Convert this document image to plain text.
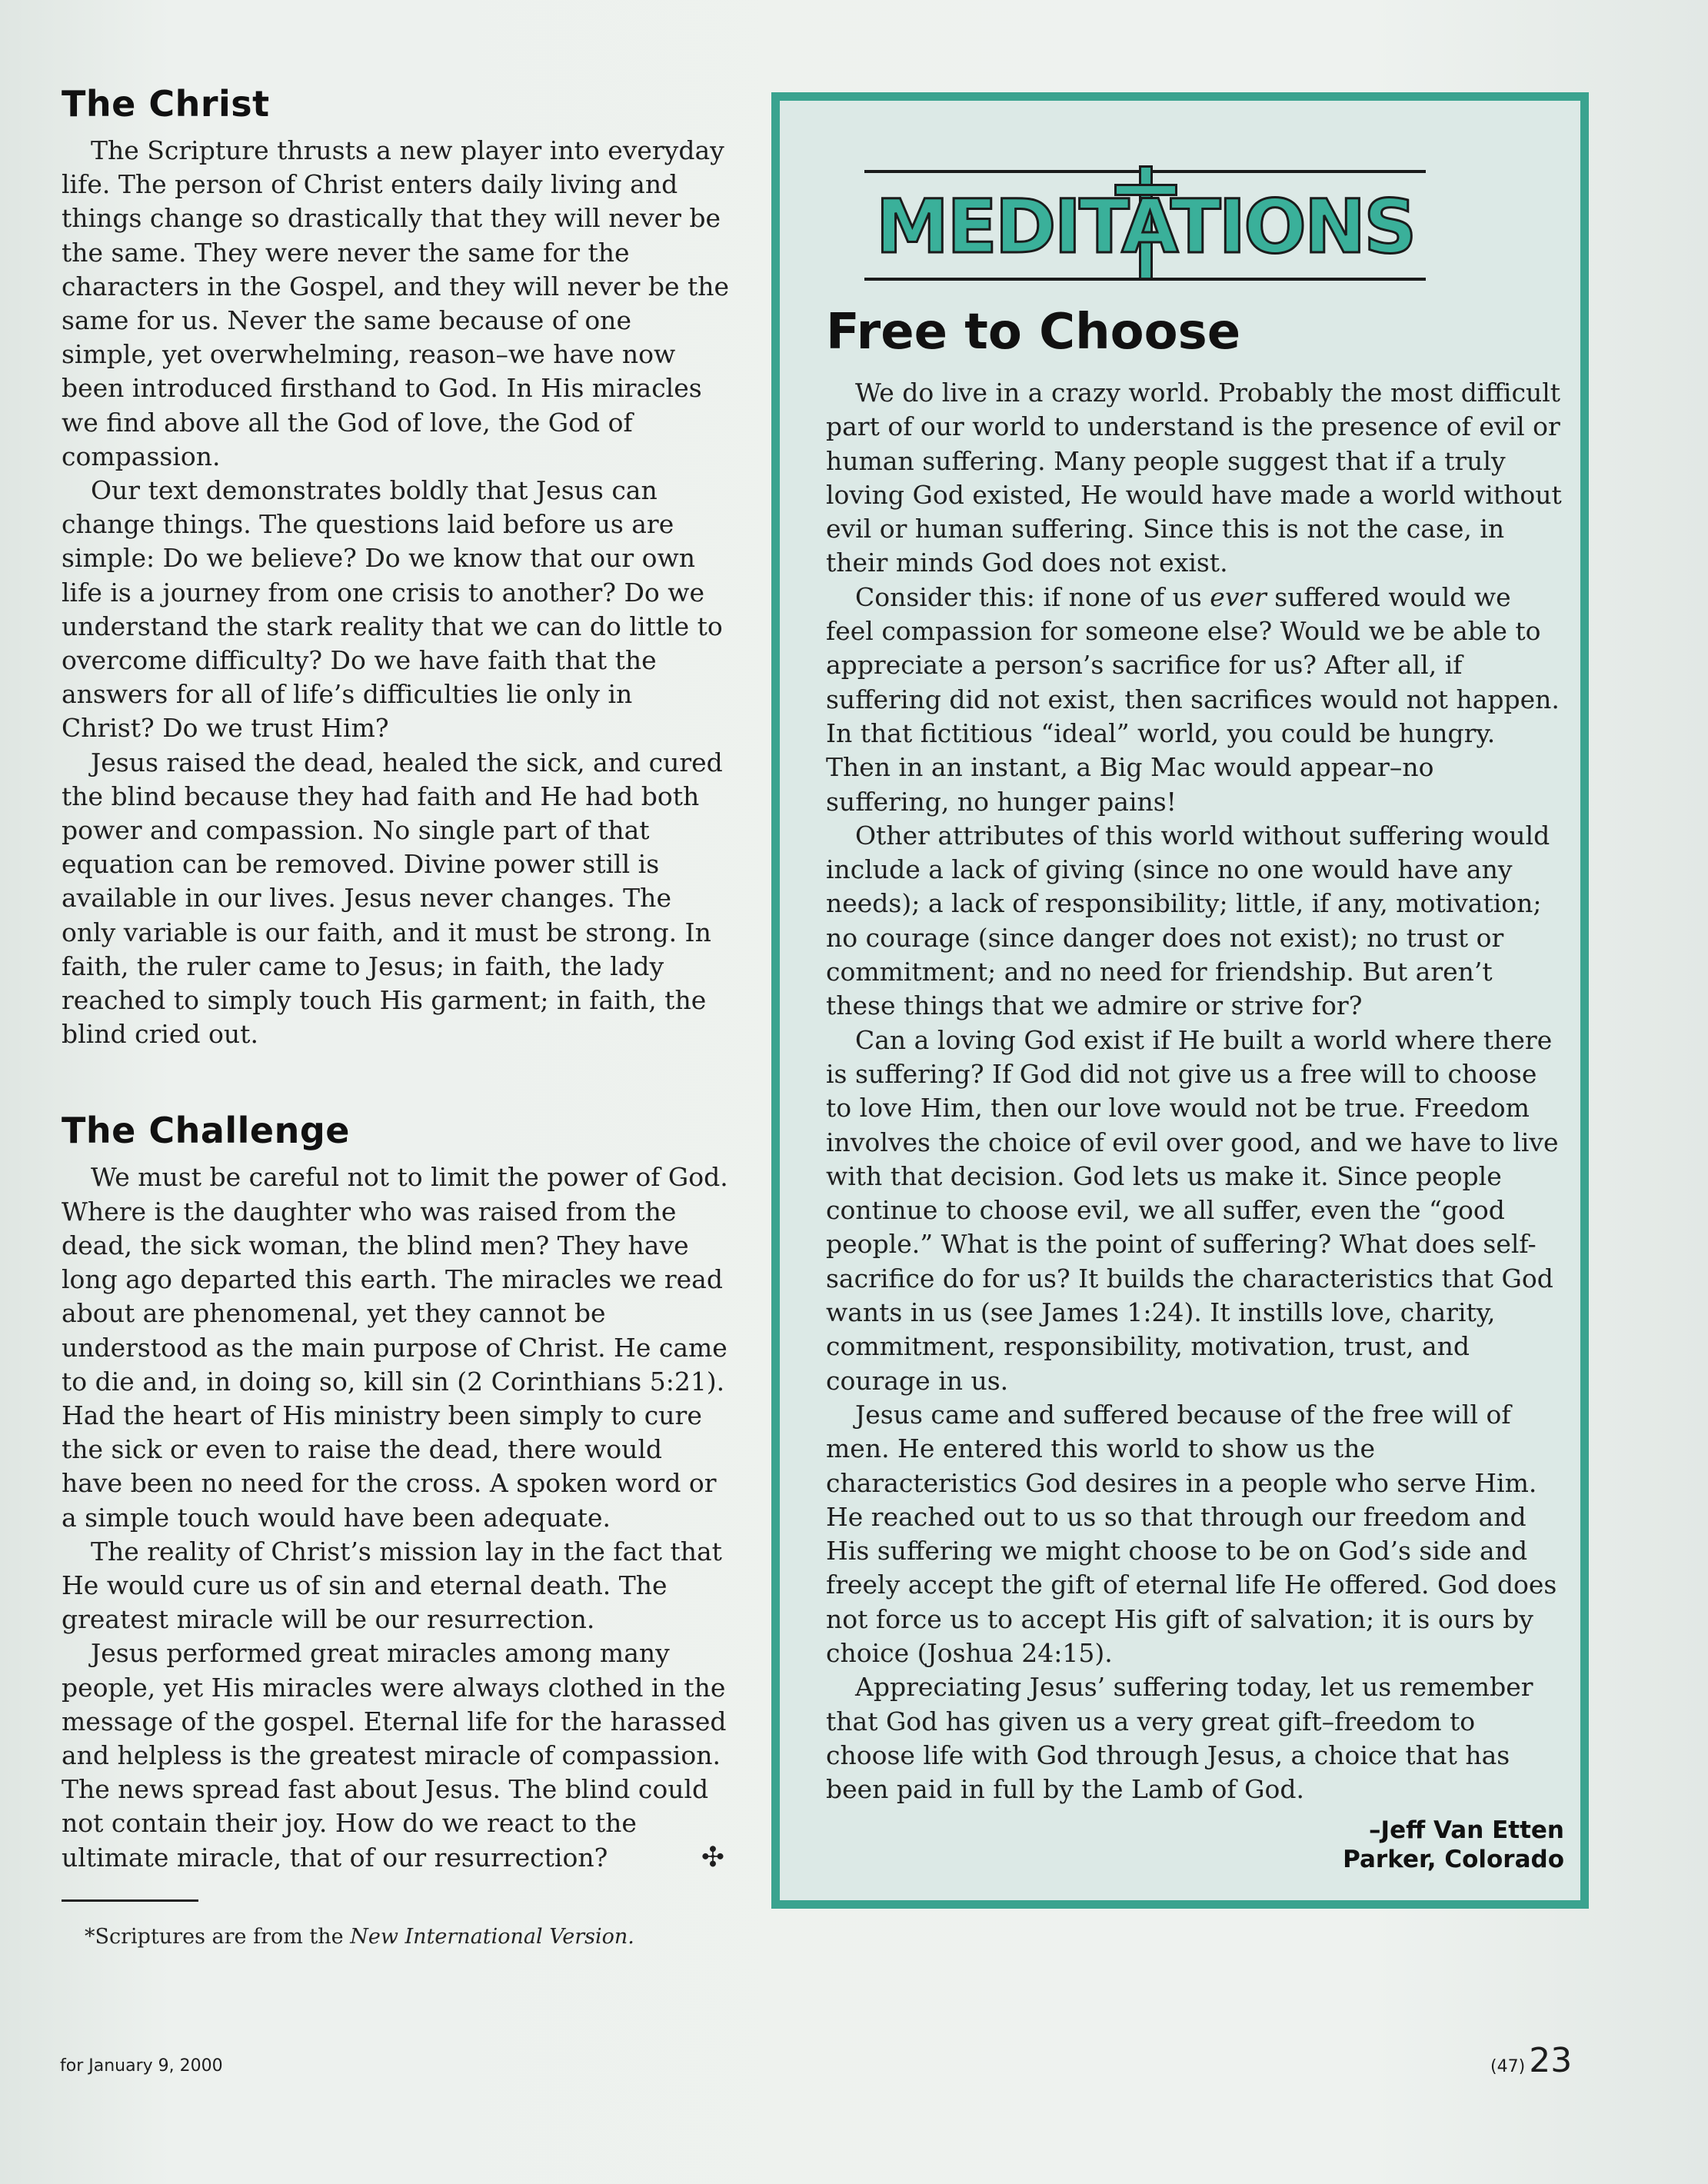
The Christ

The Scripture thrusts a new player into everyday life. The person of Christ enters daily living and things change so drastically that they will never be the same. They were never the same for the characters in the Gospel, and they will never be the same for us. Never the same because of one simple, yet overwhelming, reason–we have now been introduced firsthand to God. In His miracles we find above all the God of love, the God of compassion.

Our text demonstrates boldly that Jesus can change things. The questions laid before us are simple: Do we believe? Do we know that our own life is a journey from one crisis to another? Do we understand the stark reality that we can do little to overcome difficulty? Do we have faith that the answers for all of life’s difficulties lie only in Christ? Do we trust Him?

Jesus raised the dead, healed the sick, and cured the blind because they had faith and He had both power and compassion. No single part of that equation can be removed. Divine power still is available in our lives. Jesus never changes. The only variable is our faith, and it must be strong. In faith, the ruler came to Jesus; in faith, the lady reached to simply touch His garment; in faith, the blind cried out.

The Challenge

We must be careful not to limit the power of God. Where is the daughter who was raised from the dead, the sick woman, the blind men? They have long ago departed this earth. The miracles we read about are phenomenal, yet they cannot be understood as the main purpose of Christ. He came to die and, in doing so, kill sin (2 Corinthians 5:21). Had the heart of His ministry been simply to cure the sick or even to raise the dead, there would have been no need for the cross. A spoken word or a simple touch would have been adequate.

The reality of Christ’s mission lay in the fact that He would cure us of sin and eternal death. The greatest miracle will be our resurrection.

Jesus performed great miracles among many people, yet His miracles were always clothed in the message of the gospel. Eternal life for the harassed and helpless is the greatest miracle of compassion. The news spread fast about Jesus. The blind could not contain their joy. How do we react to the ultimate miracle, that of our resurrection?	✣

*Scriptures are from the New International Version.

MEDITATIONS
Free to Choose

We do live in a crazy world. Probably the most difficult part of our world to understand is the presence of evil or human suffering. Many people suggest that if a truly loving God existed, He would have made a world without evil or human suffering. Since this is not the case, in their minds God does not exist.

Consider this: if none of us ever suffered would we feel compassion for someone else? Would we be able to appreciate a person’s sacrifice for us? After all, if suffering did not exist, then sacrifices would not happen. In that fictitious “ideal” world, you could be hungry. Then in an instant, a Big Mac would appear–no suffering, no hunger pains!

Other attributes of this world without suffering would include a lack of giving (since no one would have any needs); a lack of responsibility; little, if any, motivation; no courage (since danger does not exist); no trust or commitment; and no need for friendship. But aren’t these things that we admire or strive for?

Can a loving God exist if He built a world where there is suffering? If God did not give us a free will to choose to love Him, then our love would not be true. Freedom involves the choice of evil over good, and we have to live with that decision. God lets us make it. Since people continue to choose evil, we all suffer, even the “good people.” What is the point of suffering? What does self-sacrifice do for us? It builds the characteristics that God wants in us (see James 1:24). It instills love, charity, commitment, responsibility, motivation, trust, and courage in us.

Jesus came and suffered because of the free will of men. He entered this world to show us the characteristics God desires in a people who serve Him. He reached out to us so that through our freedom and His suffering we might choose to be on God’s side and freely accept the gift of eternal life He offered. God does not force us to accept His gift of salvation; it is ours by choice (Joshua 24:15).

Appreciating Jesus’ suffering today, let us remember that God has given us a very great gift–freedom to choose life with God through Jesus, a choice that has been paid in full by the Lamb of God.

–Jeff Van Etten
Parker, Colorado
for January 9, 2000	(47) 23
